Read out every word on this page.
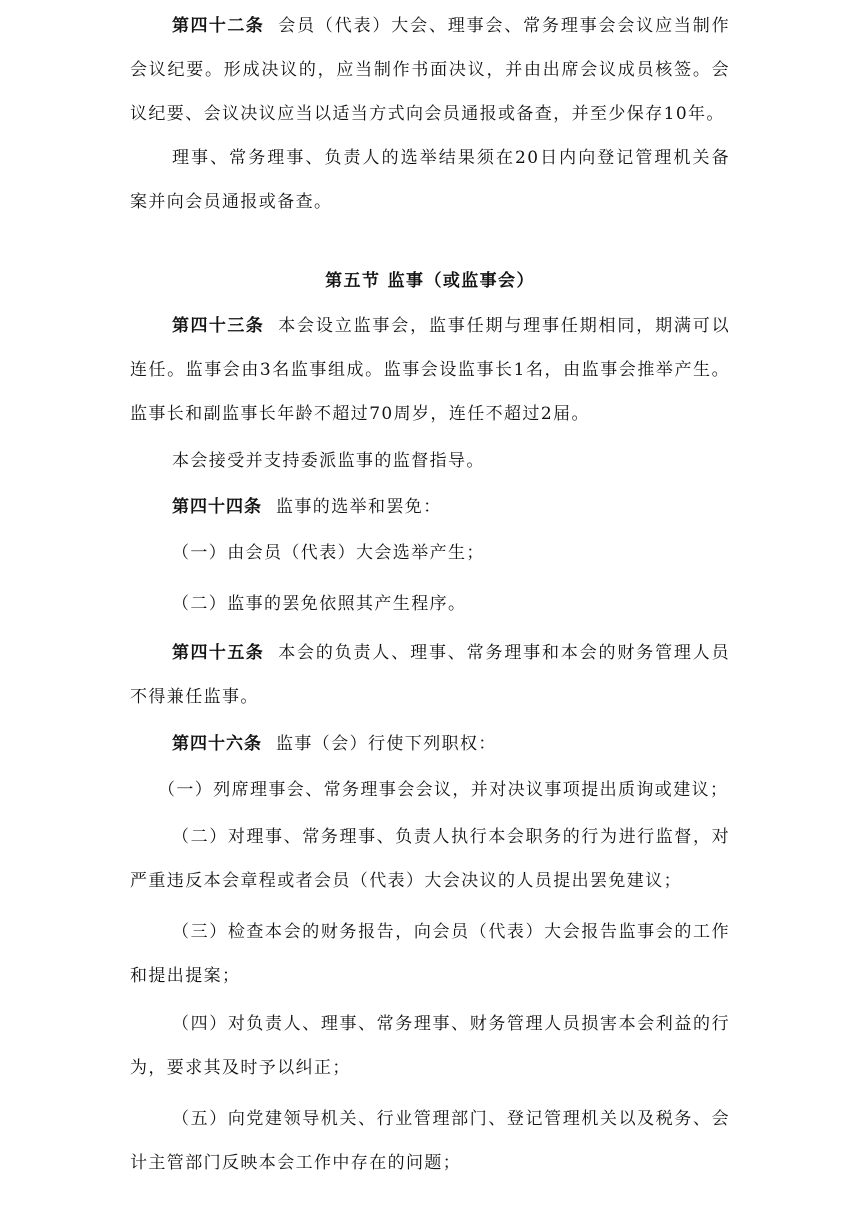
第四十二条 会员（代表）大会、理事会、常务理事会会议应当制作会议纪要。形成决议的，应当制作书面决议，并由出席会议成员核签。会议纪要、会议决议应当以适当方式向会员通报或备查，并至少保存10年。

理事、常务理事、负责人的选举结果须在20日内向登记管理机关备案并向会员通报或备查。

第五节 监事（或监事会）

第四十三条 本会设立监事会，监事任期与理事任期相同，期满可以连任。监事会由3名监事组成。监事会设监事长1名，由监事会推举产生。监事长和副监事长年龄不超过70周岁，连任不超过2届。

本会接受并支持委派监事的监督指导。

第四十四条 监事的选举和罢免：

（一）由会员（代表）大会选举产生；

（二）监事的罢免依照其产生程序。

第四十五条 本会的负责人、理事、常务理事和本会的财务管理人员不得兼任监事。

第四十六条 监事（会）行使下列职权：

（一）列席理事会、常务理事会会议，并对决议事项提出质询或建议；

（二）对理事、常务理事、负责人执行本会职务的行为进行监督，对严重违反本会章程或者会员（代表）大会决议的人员提出罢免建议；

（三）检查本会的财务报告，向会员（代表）大会报告监事会的工作和提出提案；

（四）对负责人、理事、常务理事、财务管理人员损害本会利益的行为，要求其及时予以纠正；

（五）向党建领导机关、行业管理部门、登记管理机关以及税务、会计主管部门反映本会工作中存在的问题；
